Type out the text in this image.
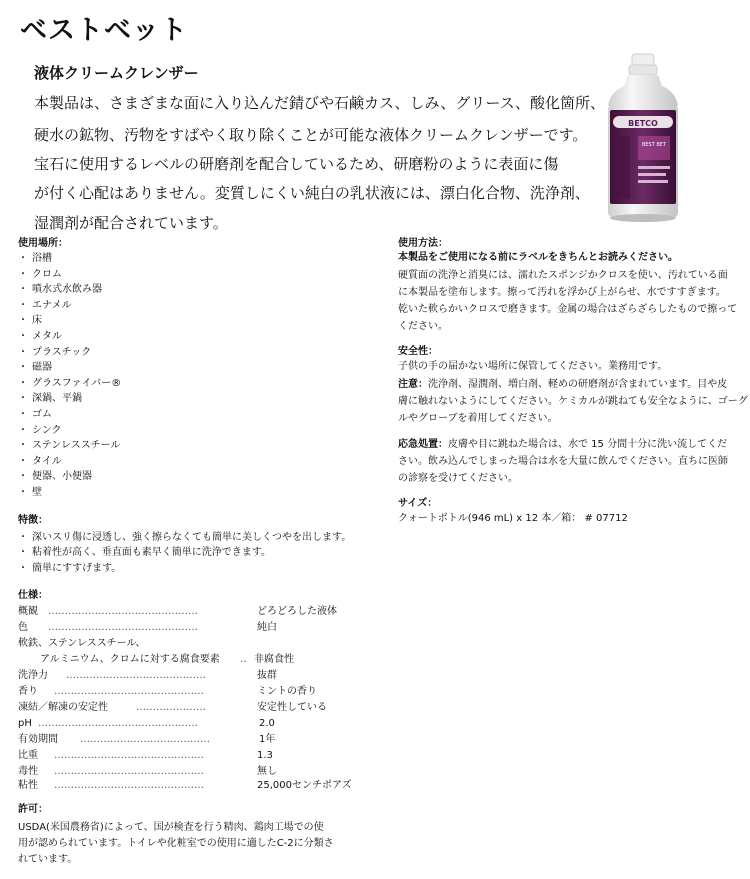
ベストベット
液体クリームクレンザー
本製品は、さまざまな面に入り込んだ錆びや石鹸カス、しみ、グリース、酸化箇所、
硬水の鉱物、汚物をすばやく取り除くことが可能な液体クリームクレンザーです。
宝石に使用するレベルの研磨剤を配合しているため、研磨粉のように表面に傷
が付く心配はありません。変質しにくい純白の乳状液には、漂白化合物、洗浄剤、
湿潤剤が配合されています。
BETCO
BEST BET
使用場所：
・ 浴槽
・ クロム
・ 噴水式水飲み器
・ エナメル
・ 床
・ メタル
・ プラスチック
・ 磁器
・ グラスファイバー®
・ 深鍋、平鍋
・ ゴム
・ シンク
・ ステンレススチール
・ タイル
・ 便器、小便器
・ 壁
特徴：
・ 深いスリ傷に浸透し、強く擦らなくても簡単に美しくつやを出します。
・ 粘着性が高く、垂直面も素早く簡単に洗浄できます。
・ 簡単にすすげます。
仕様：
概観 ………………………………………	どろどろした液体
色 ………………………………………	純白
軟鉄、ステンレススチール、
アルミニウム、クロムに対する腐食要素 ‥ 非腐食性
洗浄力 ……………………………………	抜群
香り ………………………………………	ミントの香り
凍結／解凍の安定性	…………………	安定性している
pH …………………………………………	2.0
有効期間 …………………………………	1年
比重 ………………………………………	1.3
毒性 ………………………………………	無し
粘性 ………………………………………	25,000センチポアズ
許可：
USDA(米国農務省)によって、国が検査を行う精肉、鶏肉工場での使
用が認められています。トイレや化粧室での使用に適したC-2に分類さ
れています。
使用方法：
本製品をご使用になる前にラベルをきちんとお読みください。
硬質面の洗浄と消臭には、濡れたスポンジかクロスを使い、汚れている面
に本製品を塗布します。擦って汚れを浮かび上がらせ、水ですすぎます。
乾いた軟らかいクロスで磨きます。金属の場合はざらざらしたもので擦って
ください。
安全性：
子供の手の届かない場所に保管してください。業務用です。
注意：洗浄剤、湿潤剤、増白剤、軽めの研磨剤が含まれています。目や皮
膚に触れないようにしてください。ケミカルが跳ねても安全なように、ゴーグ
ルやグローブを着用してください。
応急処置：皮膚や目に跳ねた場合は、水で 15 分間十分に洗い流してくだ
さい。飲み込んでしまった場合は水を大量に飲んでください。直ちに医師
の診察を受けてください。
サイズ：
クォートボトル(946 mL) x 12 本／箱： # 07712
